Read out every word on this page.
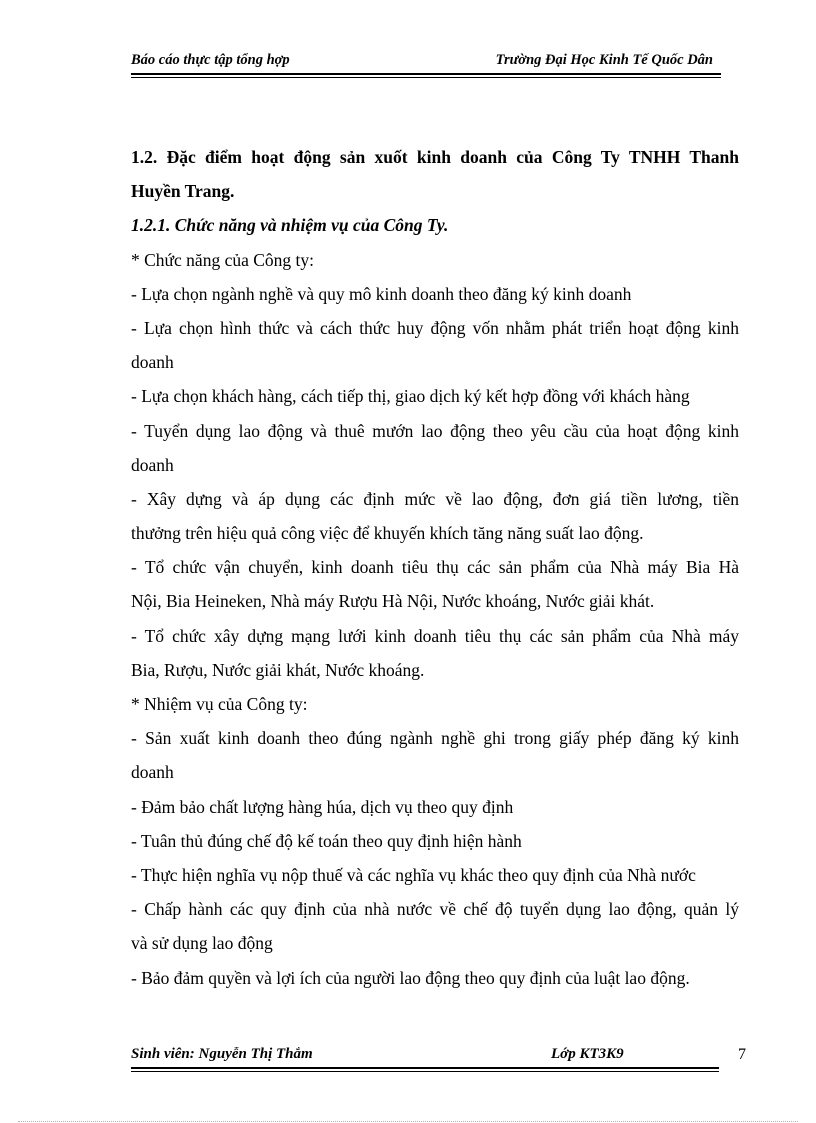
Báo cáo thực tập tổng hợp	Trường Đại Học Kinh Tế Quốc Dân
1.2. Đặc điểm hoạt động sản xuốt kinh doanh của Công Ty TNHH Thanh
Huyền Trang.
1.2.1. Chức năng và nhiệm vụ của Công Ty.
* Chức năng của Công ty:
- Lựa chọn ngành nghề và quy mô kinh doanh theo đăng ký kinh doanh
- Lựa chọn hình thức và cách thức huy động vốn nhằm phát triển hoạt động kinh
doanh
- Lựa chọn khách hàng, cách tiếp thị, giao dịch ký kết hợp đồng với khách hàng
- Tuyển dụng lao động và thuê mướn lao động theo yêu cầu của hoạt động kinh
doanh
- Xây dựng và áp dụng các định mức về lao động, đơn giá tiền lương, tiền
thưởng trên hiệu quả công việc để khuyến khích tăng năng suất lao động.
- Tổ chức vận chuyển, kinh doanh tiêu thụ các sản phẩm của Nhà máy Bia Hà
Nội, Bia Heineken, Nhà máy Rượu Hà Nội, Nước khoáng, Nước giải khát.
- Tổ chức xây dựng mạng lưới kinh doanh tiêu thụ các sản phẩm của Nhà máy
Bia, Rượu, Nước giải khát, Nước khoáng.
* Nhiệm vụ của Công ty:
- Sản xuất kinh doanh theo đúng ngành nghề ghi trong giấy phép đăng ký kinh
doanh
- Đảm bảo chất lượng hàng húa, dịch vụ theo quy định
- Tuân thủ đúng chế độ kế toán theo quy định hiện hành
- Thực hiện nghĩa vụ nộp thuế và các nghĩa vụ khác theo quy định của Nhà nước
- Chấp hành các quy định của nhà nước về chế độ tuyển dụng lao động, quản lý
và sử dụng lao động
- Bảo đảm quyền và lợi ích của người lao động theo quy định của luật lao động.
Sinh viên: Nguyễn Thị Thắm	Lớp KT3K9	7
